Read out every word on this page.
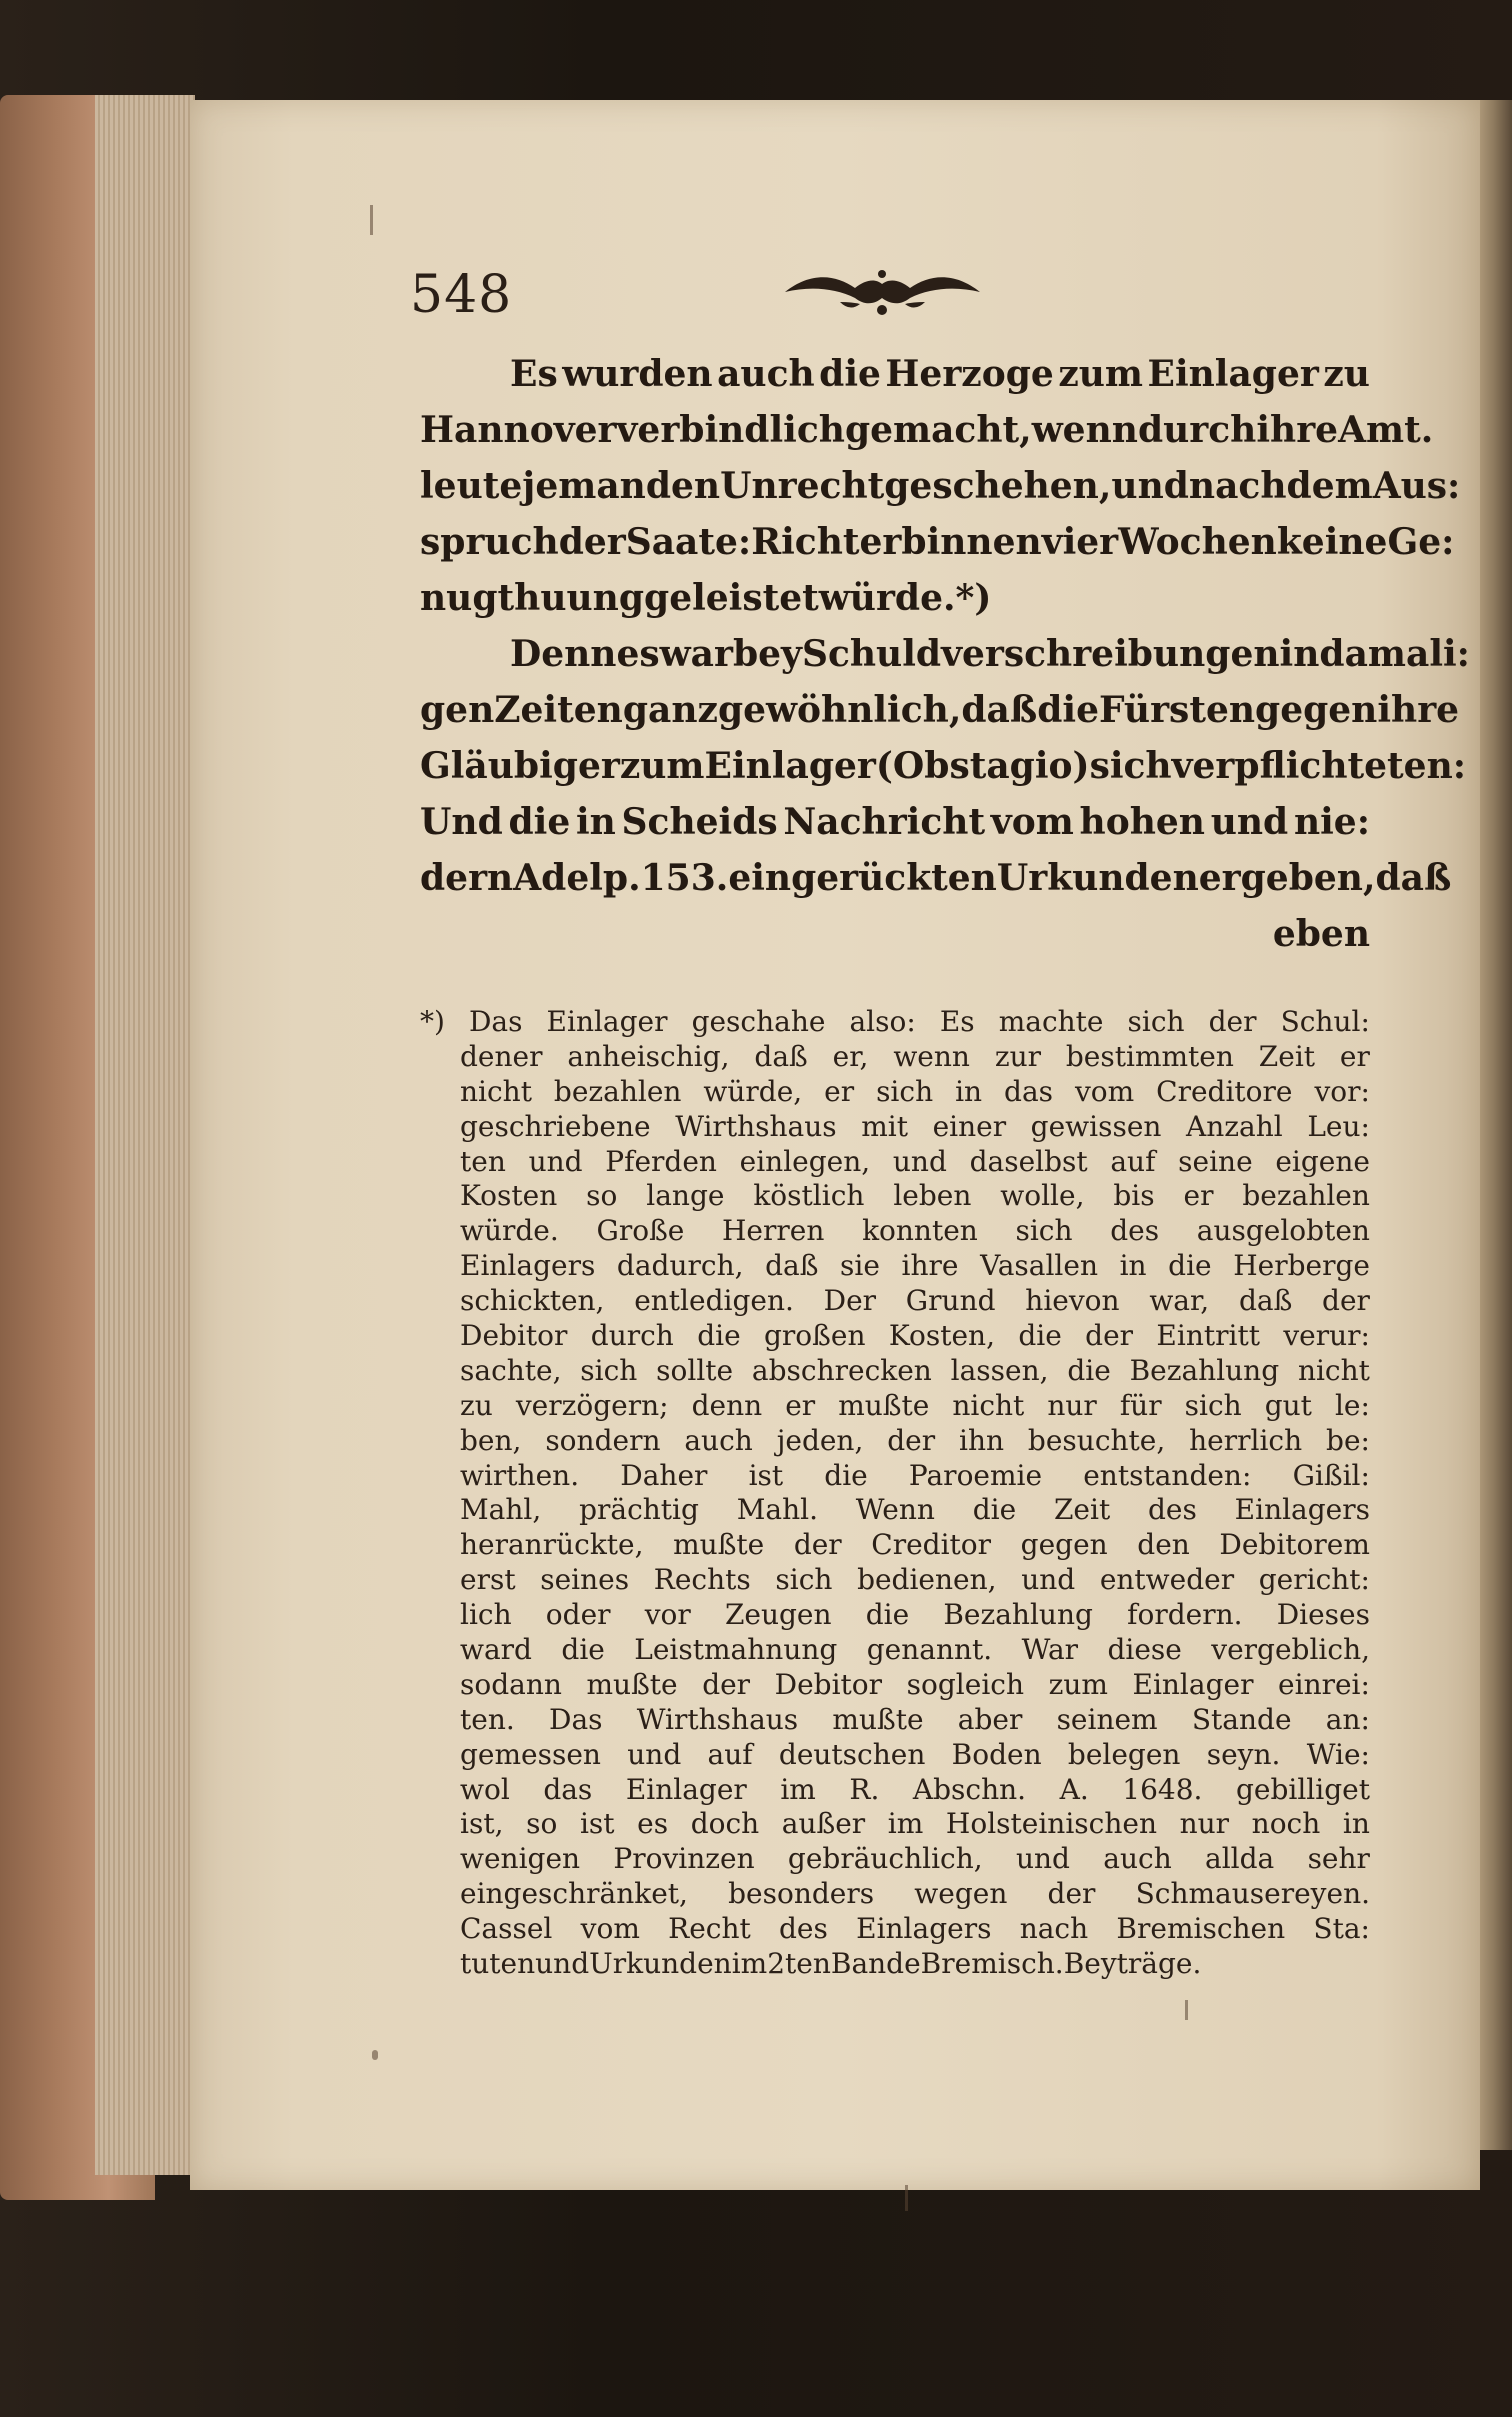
548
Es wurden auch die Herzoge zum Einlager zu
Hannover verbindlich gemacht, wenn durch ihre Amt.
leute jemanden Unrecht geschehen, und nach dem Aus:
spruch der Saate:Richter binnen vier Wochen keine Ge:
nugthuung geleistet würde. *)
Denn es war bey Schuldverschreibungen in damali:
gen Zeiten ganz gewöhnlich, daß die Fürsten gegen ihre
Gläubiger zum Einlager (Obstagio) sich verpflichteten:
Und die in Scheids Nachricht vom hohen und nie:
dern Adel p. 153. eingerückten Urkunden ergeben, daß
eben
*) Das Einlager geschahe also: Es machte sich der Schul:
dener anheischig, daß er, wenn zur bestimmten Zeit er
nicht bezahlen würde, er sich in das vom Creditore vor:
geschriebene Wirthshaus mit einer gewissen Anzahl Leu:
ten und Pferden einlegen, und daselbst auf seine eigene
Kosten so lange köstlich leben wolle, bis er bezahlen
würde. Große Herren konnten sich des ausgelobten
Einlagers dadurch, daß sie ihre Vasallen in die Herberge
schickten, entledigen. Der Grund hievon war, daß der
Debitor durch die großen Kosten, die der Eintritt verur:
sachte, sich sollte abschrecken lassen, die Bezahlung nicht
zu verzögern; denn er mußte nicht nur für sich gut le:
ben, sondern auch jeden, der ihn besuchte, herrlich be:
wirthen. Daher ist die Paroemie entstanden: Gißil:
Mahl, prächtig Mahl. Wenn die Zeit des Einlagers
heranrückte, mußte der Creditor gegen den Debitorem
erst seines Rechts sich bedienen, und entweder gericht:
lich oder vor Zeugen die Bezahlung fordern. Dieses
ward die Leistmahnung genannt. War diese vergeblich,
sodann mußte der Debitor sogleich zum Einlager einrei:
ten. Das Wirthshaus mußte aber seinem Stande an:
gemessen und auf deutschen Boden belegen seyn. Wie:
wol das Einlager im R. Abschn. A. 1648. gebilliget
ist, so ist es doch außer im Holsteinischen nur noch in
wenigen Provinzen gebräuchlich, und auch allda sehr
eingeschränket, besonders wegen der Schmausereyen.
Cassel vom Recht des Einlagers nach Bremischen Sta:
tuten und Urkunden im 2ten Bande Bremisch. Beyträge.
